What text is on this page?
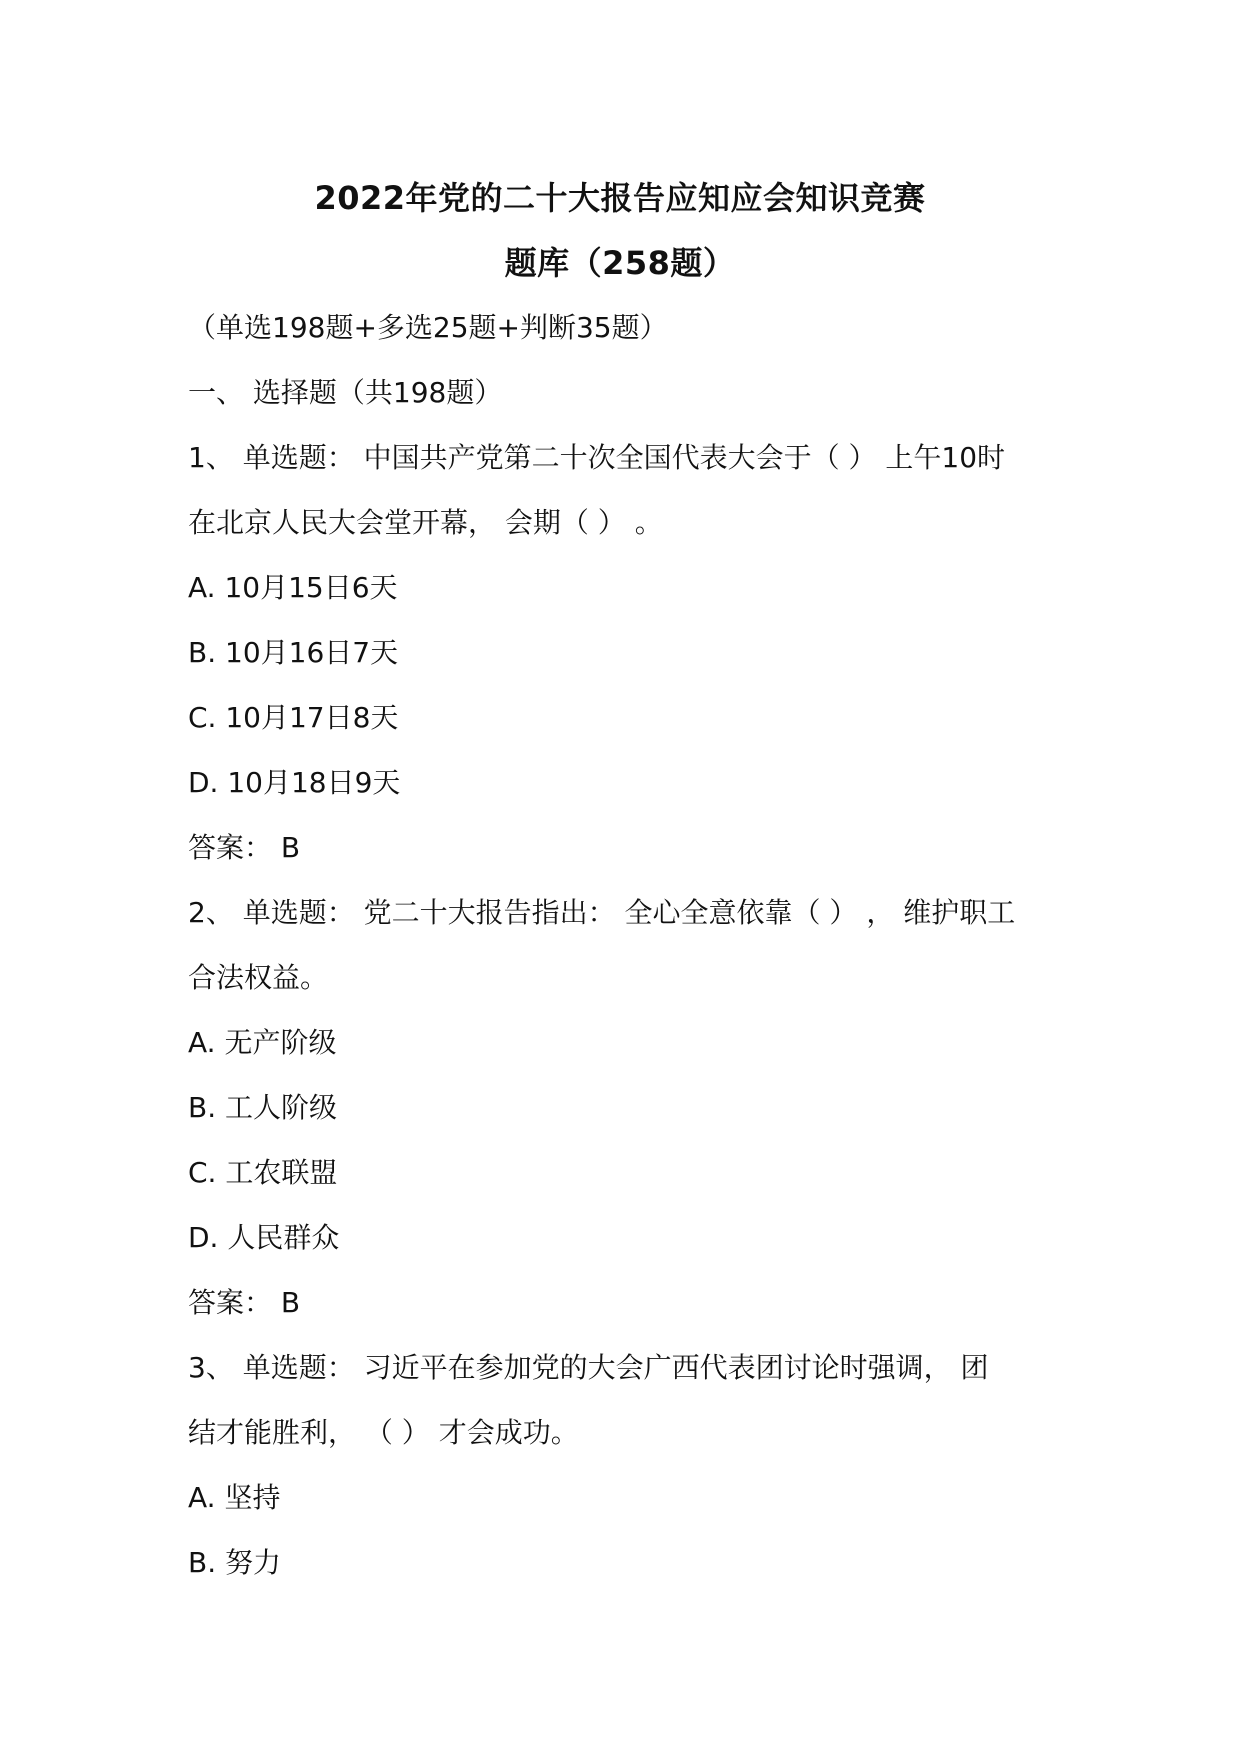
2022年党的二十大报告应知应会知识竞赛
题库（258题）
（单选198题+多选25题+判断35题）
一、 选择题（共198题）
1、 单选题： 中国共产党第二十次全国代表大会于（ ） 上午10时
在北京人民大会堂开幕， 会期（ ） 。
A. 10月15日6天
B. 10月16日7天
C. 10月17日8天
D. 10月18日9天
答案： B
2、 单选题： 党二十大报告指出： 全心全意依靠（ ） ， 维护职工
合法权益。
A. 无产阶级
B. 工人阶级
C. 工农联盟
D. 人民群众
答案： B
3、 单选题： 习近平在参加党的大会广西代表团讨论时强调， 团
结才能胜利， （ ） 才会成功。
A. 坚持
B. 努力
